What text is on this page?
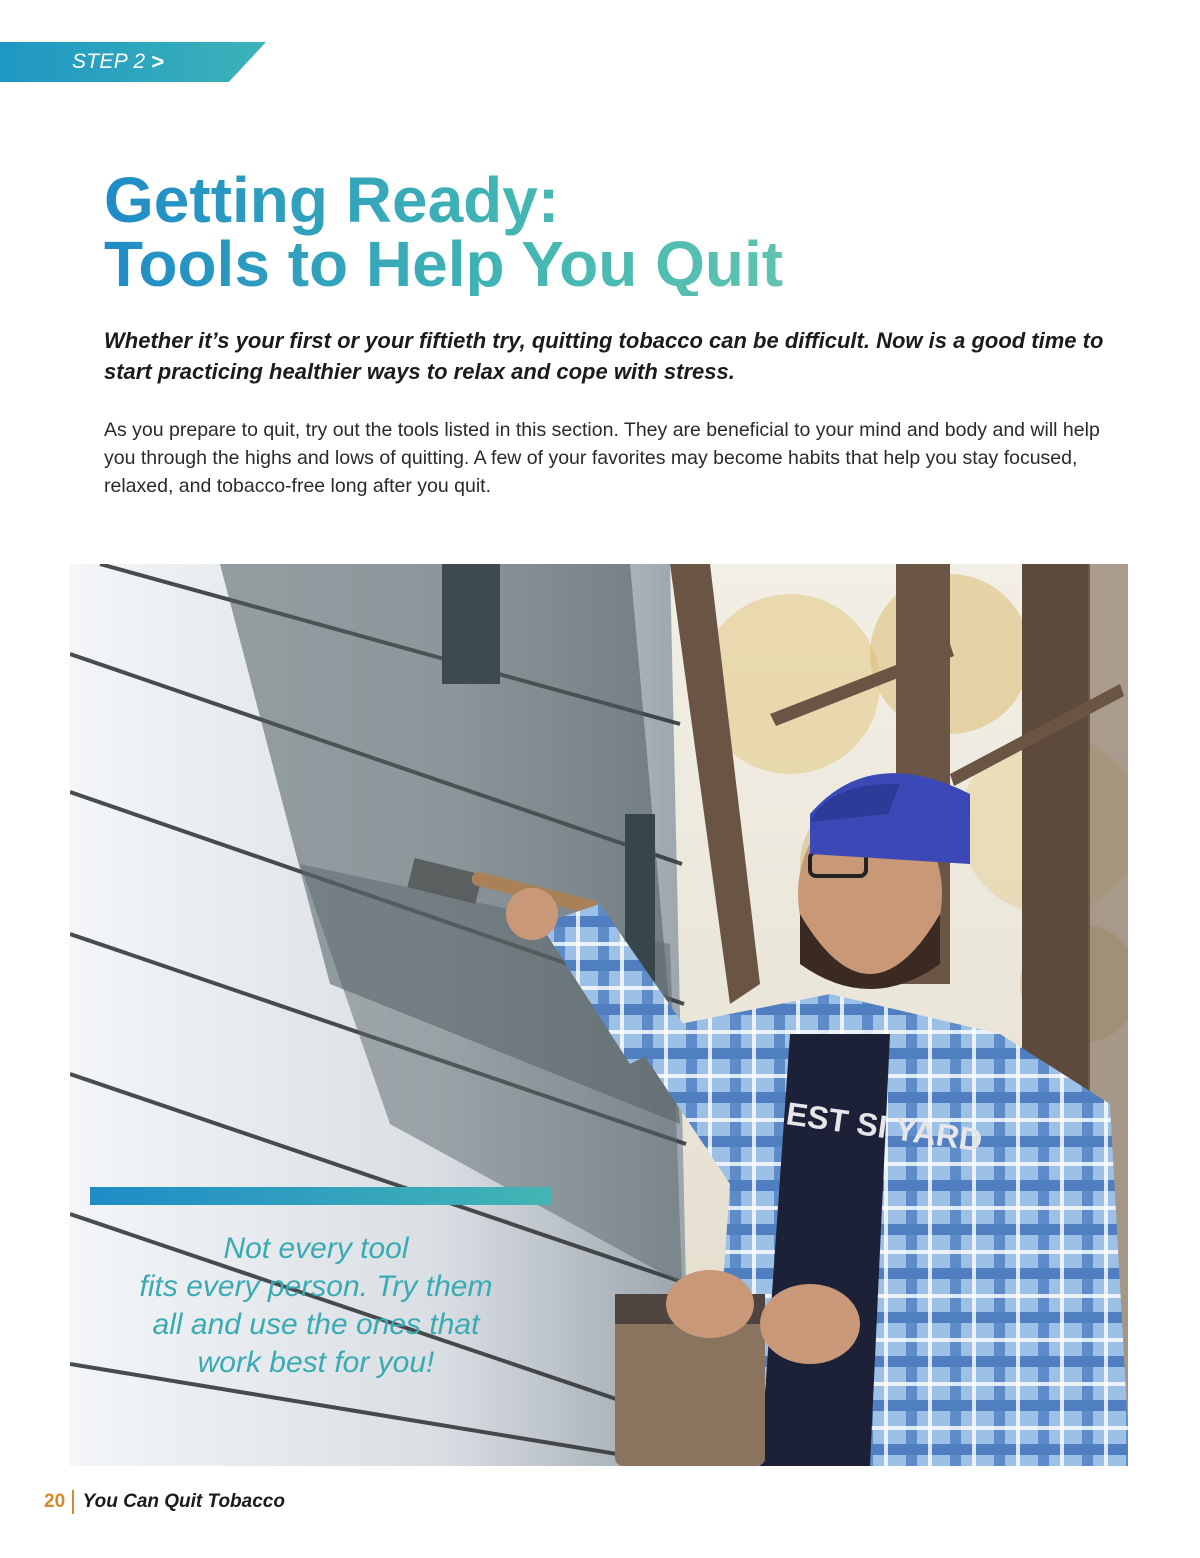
STEP 2 >
Getting Ready:
Tools to Help You Quit

Whether it’s your first or your fiftieth try, quitting tobacco can be difficult. Now is a good time to start practicing healthier ways to relax and cope with stress.

As you prepare to quit, try out the tools listed in this section. They are beneficial to your mind and body and will help you through the highs and lows of quitting. A few of your favorites may become habits that help you stay focused, relaxed, and tobacco-free long after you quit.

EST SI YARD

Not every tool
fits every person. Try them
all and use the ones that
work best for you!

20 You Can Quit Tobacco
